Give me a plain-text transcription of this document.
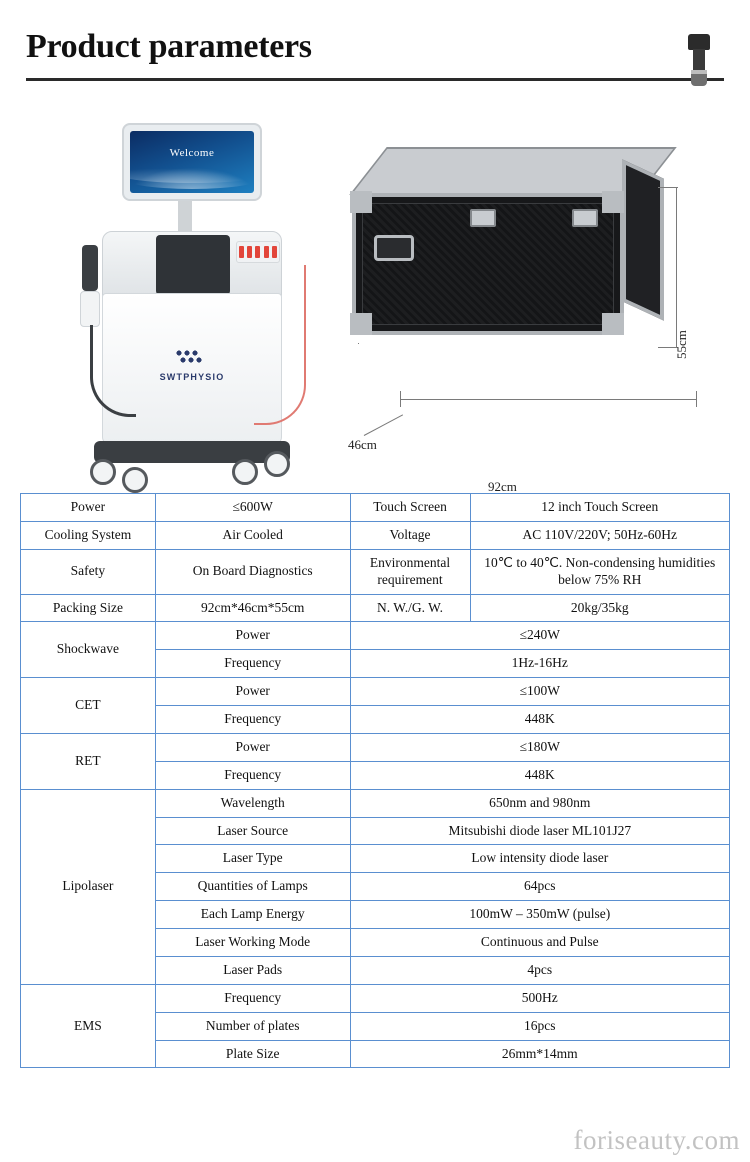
Product parameters
Welcome
SWTPHYSIO
55cm
92cm
46cm
Power	≤600W	Touch Screen	12 inch Touch Screen
Cooling System	Air Cooled	Voltage	AC 110V/220V; 50Hz-60Hz
Safety	On Board Diagnostics	Environmental requirement	10℃ to 40℃. Non-condensing humidities below 75% RH
Packing Size	92cm*46cm*55cm	N. W./G. W.	20kg/35kg
Shockwave	Power	≤240W	
	Frequency	1Hz-16Hz	
CET	Power	≤100W	
	Frequency	448K	
RET	Power	≤180W	
	Frequency	448K	
Lipolaser	Wavelength	650nm and 980nm	
	Laser Source	Mitsubishi diode laser ML101J27	
	Laser Type	Low intensity diode laser	
	Quantities of Lamps	64pcs	
	Each Lamp Energy	100mW – 350mW (pulse)	
	Laser Working Mode	Continuous and Pulse	
	Laser Pads	4pcs	
EMS	Frequency	500Hz	
	Number of plates	16pcs	
	Plate Size	26mm*14mm	
foriseauty.com
